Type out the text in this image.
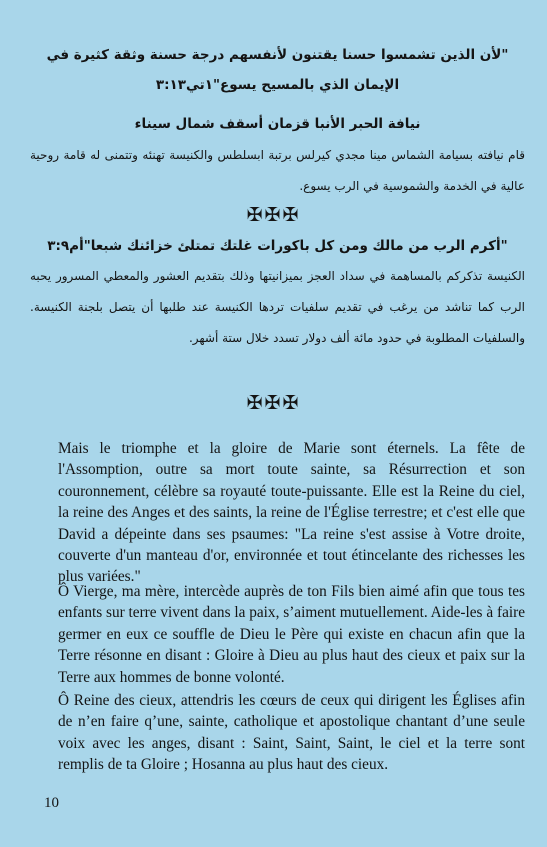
"لأن الذين تشمسوا حسنا يقتنون لأنفسهم درجة حسنة وثقة كثيرة في الإيمان الذي بالمسيح يسوع"١تي٣:١٣
نيافة الحبر الأنبا قزمان أسقف شمال سيناء
قام نيافته بسيامة الشماس مينا مجدي كيرلس برتبة ابسلطس والكنيسة تهنئه وتتمنى له قامة روحية عالية في الخدمة والشموسية في الرب يسوع.
✠✠✠
"أكرم الرب من مالك ومن كل باكورات غلتك تمتلئ خزائنك شبعا"أم٣:٩
الكنيسة تذكركم بالمساهمة في سداد العجز بميزانيتها وذلك بتقديم العشور والمعطي المسرور يحبه الرب كما تناشد من يرغب في تقديم سلفيات تردها الكنيسة عند طلبها أن يتصل بلجنة الكنيسة. والسلفيات المطلوبة في حدود مائة ألف دولار تسدد خلال ستة أشهر.
✠✠✠
Mais le triomphe et la gloire de Marie sont éternels. La fête de l'Assomption, outre sa mort toute sainte, sa Résurrection et son couronnement, célèbre sa royauté toute-puissante. Elle est la Reine du ciel, la reine des Anges et des saints, la reine de l'Église terrestre; et c'est elle que David a dépeinte dans ses psaumes: "La reine s'est assise à Votre droite, couverte d'un manteau d'or, environnée et tout étincelante des richesses les plus variées."
Ô Vierge, ma mère, intercède auprès de ton Fils bien aimé afin que tous tes enfants sur terre vivent dans la paix, s’aiment mutuellement. Aide-les à faire germer en eux ce souffle de Dieu le Père qui existe en chacun afin que la Terre résonne en disant : Gloire à Dieu au plus haut des cieux et paix sur la Terre aux hommes de bonne volonté.
Ô Reine des cieux, attendris les cœurs de ceux qui dirigent les Églises afin de n’en faire q’une, sainte, catholique et apostolique chantant d’une seule voix avec les anges, disant : Saint, Saint, Saint, le ciel et la terre sont remplis de ta Gloire ; Hosanna au plus haut des cieux.
10
